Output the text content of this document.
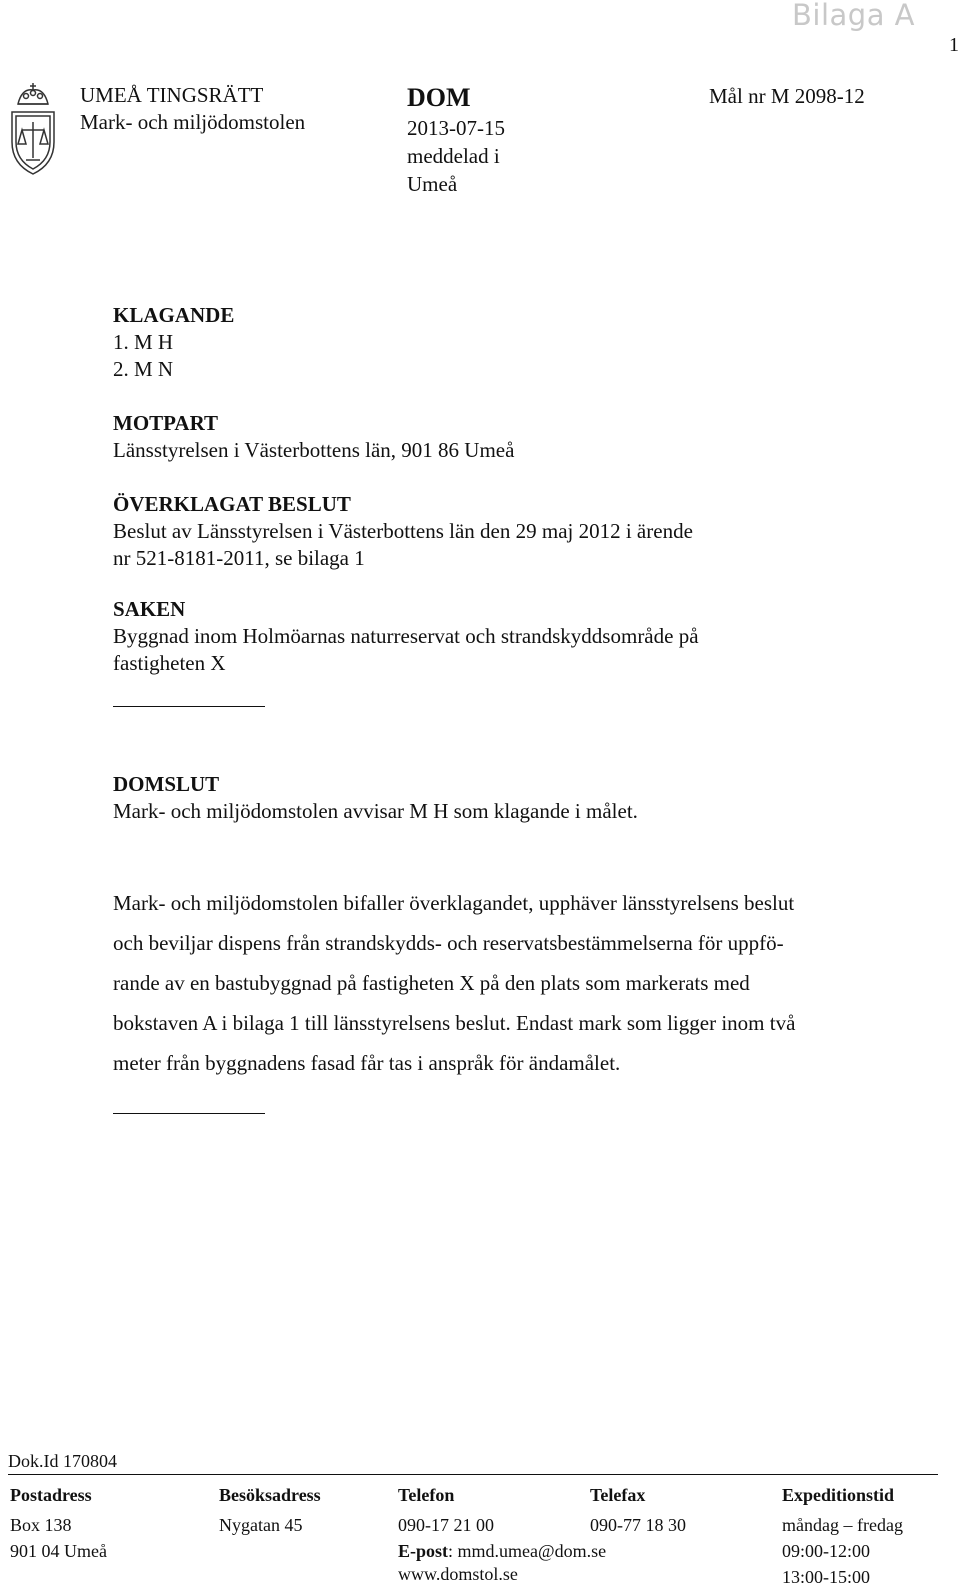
Bilaga A
1
UMEÅ TINGSRÄTT
Mark- och miljödomstolen
DOM
2013-07-15
meddelad i
Umeå
Mål nr M 2098-12
KLAGANDE
1. M H
2. M N
MOTPART
Länsstyrelsen i Västerbottens län, 901 86 Umeå
ÖVERKLAGAT BESLUT
Beslut av Länsstyrelsen i Västerbottens län den 29 maj 2012 i ärende
nr 521-8181-2011, se bilaga 1
SAKEN
Byggnad inom Holmöarnas naturreservat och strandskyddsområde på
fastigheten X
DOMSLUT
Mark- och miljödomstolen avvisar M H som klagande i målet.
Mark- och miljödomstolen bifaller överklagandet, upphäver länsstyrelsens beslut
och beviljar dispens från strandskydds- och reservatsbestämmelserna för uppfö-
rande av en bastubyggnad på fastigheten X på den plats som markerats med
bokstaven A i bilaga 1 till länsstyrelsens beslut. Endast mark som ligger inom två
meter från byggnadens fasad får tas i anspråk för ändamålet.
Dok.Id 170804
Postadress
Box 138
901 04 Umeå
Besöksadress
Nygatan 45
Telefon
090-17 21 00
E-post: mmd.umea@dom.se
www.domstol.se
Telefax
090-77 18 30
Expeditionstid
måndag – fredag
09:00-12:00
13:00-15:00
